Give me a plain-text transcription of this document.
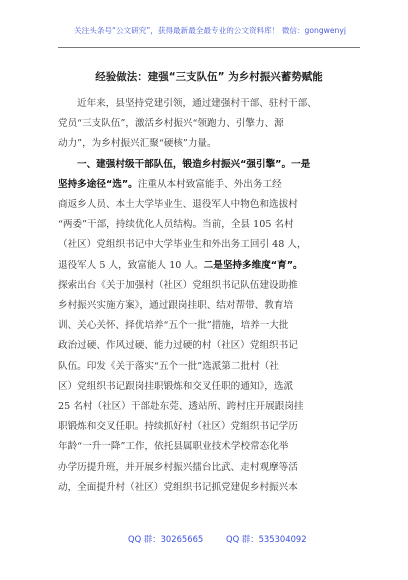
关注头条号“公文研究”，获得最新最全最专业的公文资料库！ 微信：gongwenyj
经验做法：建强“三支队伍” 为乡村振兴蓄势赋能

近年来，县坚持党建引领，通过建强村干部、驻村干部、
党员“三支队伍”，激活乡村振兴“领跑力、引擎力、源
动力”，为乡村振兴汇聚“硬核”力量。

一、建强村级干部队伍，锻造乡村振兴“强引擎”。一是
坚持多途径“选”。注重从本村致富能手、外出务工经
商返乡人员、本土大学毕业生、退役军人中物色和选拔村
“两委”干部，持续优化人员结构。当前，全县 105 名村
（社区）党组织书记中大学毕业生和外出务工回引 48 人，
退役军人 5 人，致富能人 10 人。二是坚持多维度“育”。
探索出台《关于加强村（社区）党组织书记队伍建设助推
乡村振兴实施方案》，通过跟岗挂职、结对帮带、教育培
训、关心关怀、择优培养“五个一批”措施，培养一大批
政治过硬、作风过硬、能力过硬的村（社区）党组织书记
队伍。印发《关于落实“五个一批”选派第二批村（社
区）党组织书记跟岗挂职锻炼和交叉任职的通知》，选派
25 名村（社区）干部赴东莞、透站所、跨村庄开展跟岗挂
职锻炼和交叉任职。持续抓好村（社区）党组织书记学历
年龄“一升一降”工作，依托县属职业技术学校常态化举
办学历提升班，并开展乡村振兴擂台比武、走村观摩等活
动，全面提升村（社区）党组织书记抓党建促乡村振兴本

QQ 群：30265665	QQ 群：535304092
